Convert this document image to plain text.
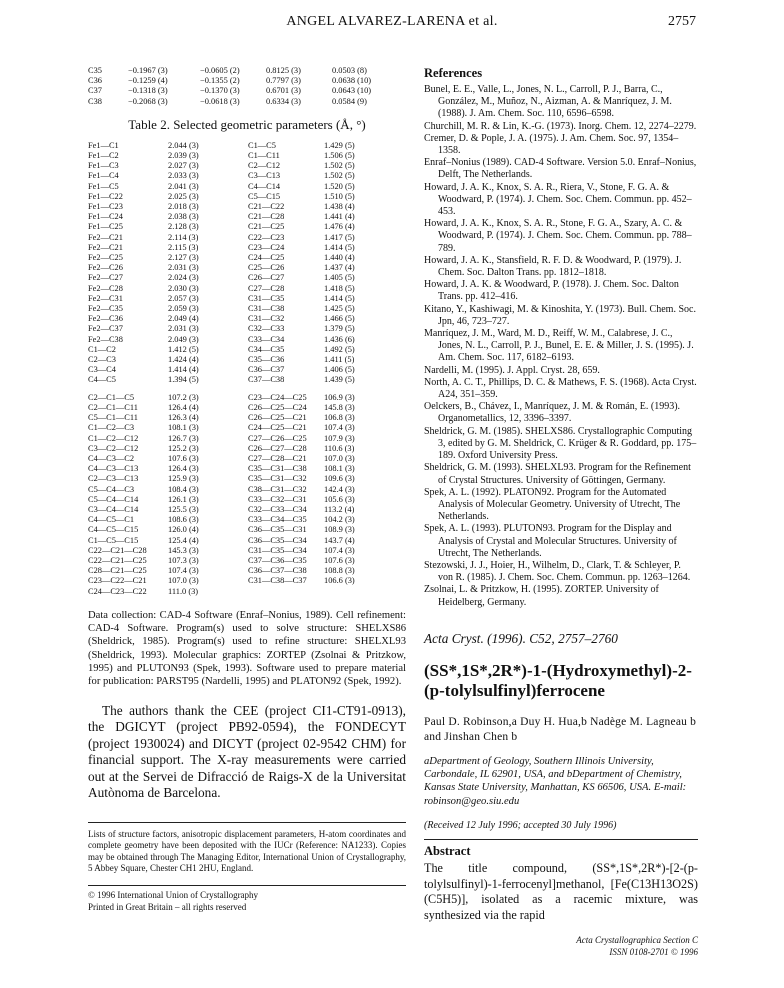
ANGEL ALVAREZ-LARENA et al.	2757
C35	−0.1967 (3)	−0.0605 (2)	0.8125 (3)	0.0503 (8)
C36	−0.1259 (4)	−0.1355 (2)	0.7797 (3)	0.0638 (10)
C37	−0.1318 (3)	−0.1370 (3)	0.6701 (3)	0.0643 (10)
C38	−0.2068 (3)	−0.0618 (3)	0.6334 (3)	0.0584 (9)
Table 2. Selected geometric parameters (Å, °)
Fe1—C1	2.044 (3)	C1—C5	1.429 (5)
Fe1—C2	2.039 (3)	C1—C11	1.506 (5)
Fe1—C3	2.027 (3)	C2—C12	1.502 (5)
Fe1—C4	2.033 (3)	C3—C13	1.502 (5)
Fe1—C5	2.041 (3)	C4—C14	1.520 (5)
Fe1—C22	2.025 (3)	C5—C15	1.510 (5)
Fe1—C23	2.018 (3)	C21—C22	1.438 (4)
Fe1—C24	2.038 (3)	C21—C28	1.441 (4)
Fe1—C25	2.128 (3)	C21—C25	1.476 (4)
Fe2—C21	2.114 (3)	C22—C23	1.417 (5)
Fe2—C21	2.115 (3)	C23—C24	1.414 (5)
Fe2—C25	2.127 (3)	C24—C25	1.440 (4)
Fe2—C26	2.031 (3)	C25—C26	1.437 (4)
Fe2—C27	2.024 (3)	C26—C27	1.405 (5)
Fe2—C28	2.030 (3)	C27—C28	1.418 (5)
Fe2—C31	2.057 (3)	C31—C35	1.414 (5)
Fe2—C35	2.059 (3)	C31—C38	1.425 (5)
Fe2—C36	2.049 (4)	C31—C32	1.466 (5)
Fe2—C37	2.031 (3)	C32—C33	1.379 (5)
Fe2—C38	2.049 (3)	C33—C34	1.436 (6)
C1—C2	1.412 (5)	C34—C35	1.492 (5)
C2—C3	1.424 (4)	C35—C36	1.411 (5)
C3—C4	1.414 (4)	C36—C37	1.406 (5)
C4—C5	1.394 (5)	C37—C38	1.439 (5)

C2—C1—C5	107.2 (3)	C23—C24—C25	106.9 (3)
C2—C1—C11	126.4 (4)	C26—C25—C24	145.8 (3)
C5—C1—C11	126.3 (4)	C26—C25—C21	106.8 (3)
C1—C2—C3	108.1 (3)	C24—C25—C21	107.4 (3)
C1—C2—C12	126.7 (3)	C27—C26—C25	107.9 (3)
C3—C2—C12	125.2 (3)	C26—C27—C28	110.6 (3)
C4—C3—C2	107.6 (3)	C27—C28—C21	107.0 (3)
C4—C3—C13	126.4 (3)	C35—C31—C38	108.1 (3)
C2—C3—C13	125.9 (3)	C35—C31—C32	109.6 (3)
C5—C4—C3	108.4 (3)	C38—C31—C32	142.4 (3)
C5—C4—C14	126.1 (3)	C33—C32—C31	105.6 (3)
C3—C4—C14	125.5 (3)	C32—C33—C34	113.2 (4)
C4—C5—C1	108.6 (3)	C33—C34—C35	104.2 (3)
C4—C5—C15	126.0 (4)	C36—C35—C31	108.9 (3)
C1—C5—C15	125.4 (4)	C36—C35—C34	143.7 (4)
C22—C21—C28	145.3 (3)	C31—C35—C34	107.4 (3)
C22—C21—C25	107.3 (3)	C37—C36—C35	107.6 (3)
C28—C21—C25	107.4 (3)	C36—C37—C38	108.8 (3)
C23—C22—C21	107.0 (3)	C31—C38—C37	106.6 (3)
C24—C23—C22	111.0 (3)		
Data collection: CAD-4 Software (Enraf–Nonius, 1989). Cell refinement: CAD-4 Software. Program(s) used to solve structure: SHELXS86 (Sheldrick, 1985). Program(s) used to refine structure: SHELXL93 (Sheldrick, 1993). Molecular graphics: ZORTEP (Zsolnai & Pritzkow, 1995) and PLUTON93 (Spek, 1993). Software used to prepare material for publication: PARST95 (Nardelli, 1995) and PLATON92 (Spek, 1992).
The authors thank the CEE (project CI1-CT91-0913), the DGICYT (project PB92-0594), the FONDECYT (project 1930024) and DICYT (project 02-9542 CHM) for financial support. The X-ray measurements were carried out at the Servei de Difracció de Raigs-X de la Universitat Autònoma de Barcelona.
Lists of structure factors, anisotropic displacement parameters, H-atom coordinates and complete geometry have been deposited with the IUCr (Reference: NA1233). Copies may be obtained through The Managing Editor, International Union of Crystallography, 5 Abbey Square, Chester CH1 2HU, England.
© 1996 International Union of Crystallography
Printed in Great Britain – all rights reserved
References
Bunel, E. E., Valle, L., Jones, N. L., Carroll, P. J., Barra, C., González, M., Muñoz, N., Aizman, A. & Manríquez, J. M. (1988). J. Am. Chem. Soc. 110, 6596–6598.
Churchill, M. R. & Lin, K.-G. (1973). Inorg. Chem. 12, 2274–2279.
Cremer, D. & Pople, J. A. (1975). J. Am. Chem. Soc. 97, 1354–1358.
Enraf–Nonius (1989). CAD-4 Software. Version 5.0. Enraf–Nonius, Delft, The Netherlands.
Howard, J. A. K., Knox, S. A. R., Riera, V., Stone, F. G. A. & Woodward, P. (1974). J. Chem. Soc. Chem. Commun. pp. 452–453.
Howard, J. A. K., Knox, S. A. R., Stone, F. G. A., Szary, A. C. & Woodward, P. (1974). J. Chem. Soc. Chem. Commun. pp. 788–789.
Howard, J. A. K., Stansfield, R. F. D. & Woodward, P. (1979). J. Chem. Soc. Dalton Trans. pp. 1812–1818.
Howard, J. A. K. & Woodward, P. (1978). J. Chem. Soc. Dalton Trans. pp. 412–416.
Kitano, Y., Kashiwagi, M. & Kinoshita, Y. (1973). Bull. Chem. Soc. Jpn, 46, 723–727.
Manríquez, J. M., Ward, M. D., Reiff, W. M., Calabrese, J. C., Jones, N. L., Carroll, P. J., Bunel, E. E. & Miller, J. S. (1995). J. Am. Chem. Soc. 117, 6182–6193.
Nardelli, M. (1995). J. Appl. Cryst. 28, 659.
North, A. C. T., Phillips, D. C. & Mathews, F. S. (1968). Acta Cryst. A24, 351–359.
Oelckers, B., Chávez, I., Manríquez, J. M. & Román, E. (1993). Organometallics, 12, 3396–3397.
Sheldrick, G. M. (1985). SHELXS86. Crystallographic Computing 3, edited by G. M. Sheldrick, C. Krüger & R. Goddard, pp. 175–189. Oxford University Press.
Sheldrick, G. M. (1993). SHELXL93. Program for the Refinement of Crystal Structures. University of Göttingen, Germany.
Spek, A. L. (1992). PLATON92. Program for the Automated Analysis of Molecular Geometry. University of Utrecht, The Netherlands.
Spek, A. L. (1993). PLUTON93. Program for the Display and Analysis of Crystal and Molecular Structures. University of Utrecht, The Netherlands.
Stezowski, J. J., Hoier, H., Wilhelm, D., Clark, T. & Schleyer, P. von R. (1985). J. Chem. Soc. Chem. Commun. pp. 1263–1264.
Zsolnai, L. & Pritzkow, H. (1995). ZORTEP. University of Heidelberg, Germany.
Acta Cryst. (1996). C52, 2757–2760
(SS*,1S*,2R*)-1-(Hydroxymethyl)-2-(p-tolylsulfinyl)ferrocene
Paul D. Robinson,a Duy H. Hua,b Nadège M. Lagneau b and Jinshan Chen b
aDepartment of Geology, Southern Illinois University, Carbondale, IL 62901, USA, and bDepartment of Chemistry, Kansas State University, Manhattan, KS 66506, USA. E-mail: robinson@geo.siu.edu
(Received 12 July 1996; accepted 30 July 1996)
Abstract
The title compound, (SS*,1S*,2R*)-[2-(p-tolylsulfinyl)-1-ferrocenyl]methanol, [Fe(C13H13O2S)(C5H5)], isolated as a racemic mixture, was synthesized via the rapid
Acta Crystallographica Section C
ISSN 0108-2701 © 1996
